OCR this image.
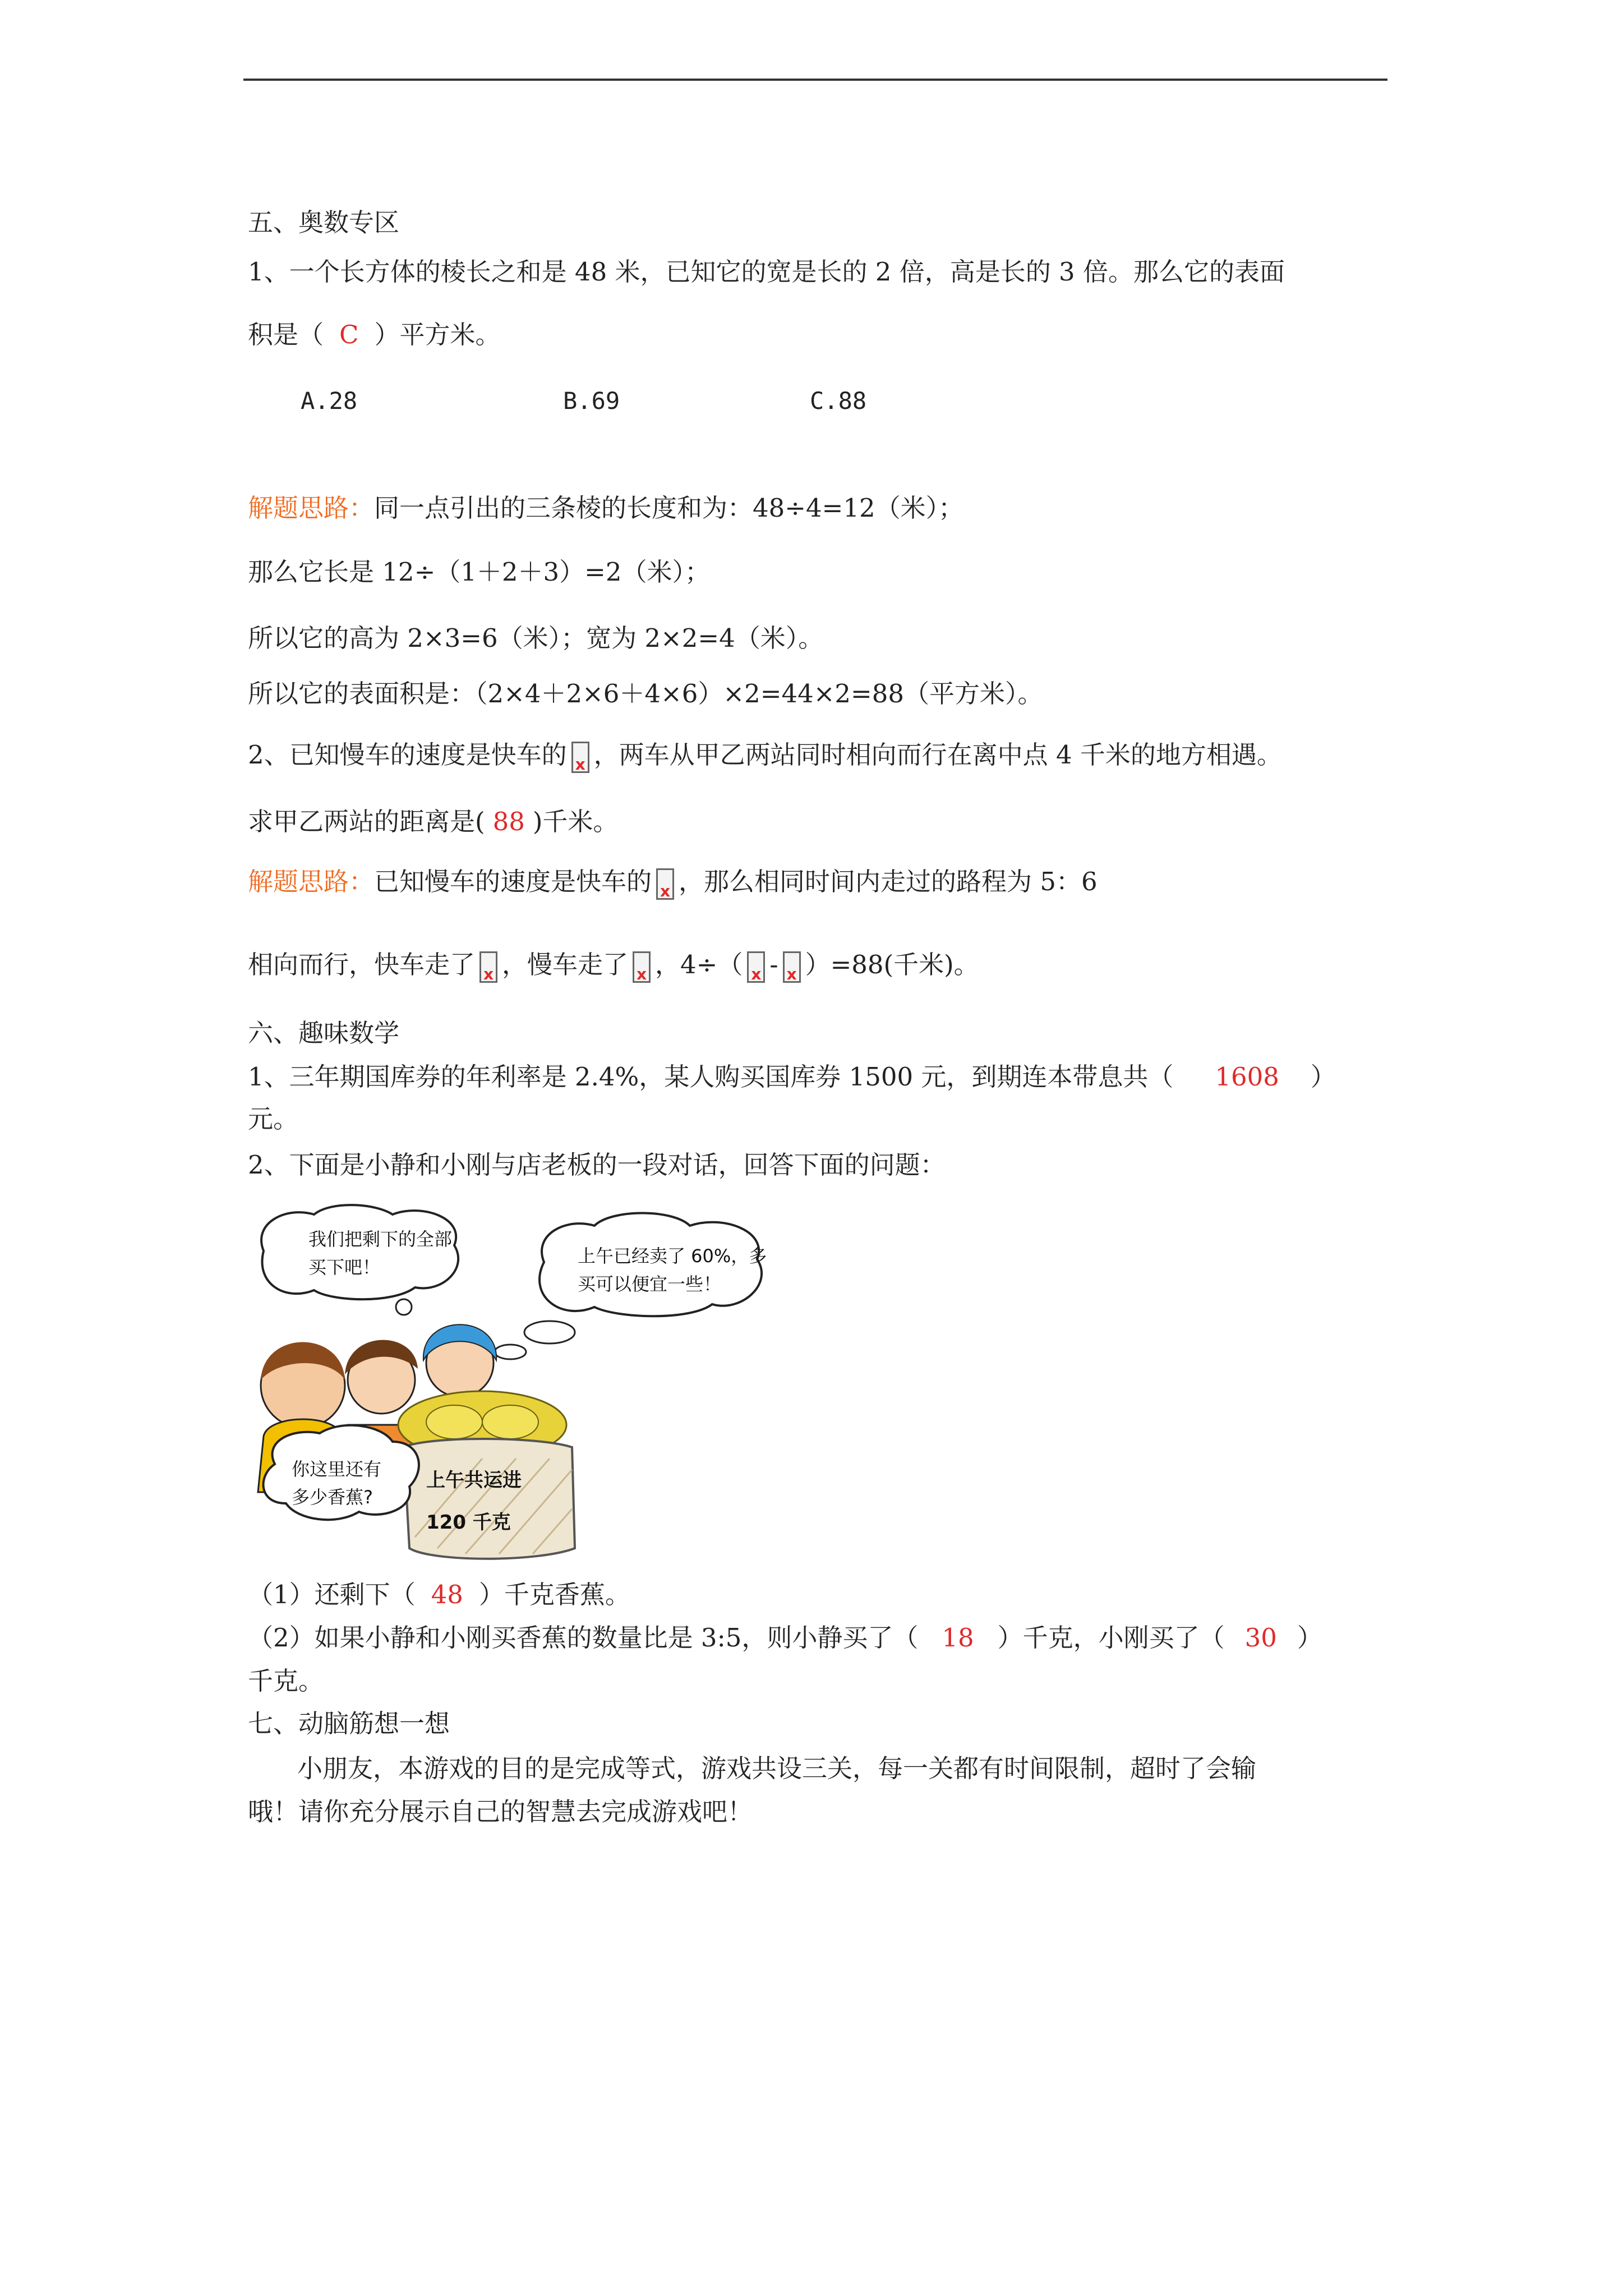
五、奥数专区
1、一个长方体的棱长之和是 48 米，已知它的宽是长的 2 倍，高是长的 3 倍。那么它的表面
积是（ C ）平方米。
A.28	B.69	C.88
解题思路：同一点引出的三条棱的长度和为：48÷4=12（米）；
那么它长是 12÷（1＋2＋3）=2（米）；
所以它的高为 2×3=6（米）；宽为 2×2=4（米）。
所以它的表面积是：（2×4＋2×6＋4×6）×2=44×2=88（平方米）。
2、已知慢车的速度是快车的 x ，两车从甲乙两站同时相向而行在离中点 4 千米的地方相遇。
求甲乙两站的距离是( 88 )千米。
解题思路：已知慢车的速度是快车的 x ，那么相同时间内走过的路程为 5：6
相向而行，快车走了 x ，慢车走了 x ，4÷（ x - x ）=88(千米)。
六、趣味数学
1、三年期国库券的年利率是 2.4%，某人购买国库券 1500 元，到期连本带息共（ 1608 ）
元。
2、下面是小静和小刚与店老板的一段对话，回答下面的问题：
我们把剩下的全部
买下吧！
上午已经卖了 60%，多
买可以便宜一些！
上午共运进
120 千克
你这里还有
多少香蕉?
（1）还剩下（ 48 ）千克香蕉。
（2）如果小静和小刚买香蕉的数量比是 3:5，则小静买了（ 18 ）千克，小刚买了（ 30 ）
千克。
七、动脑筋想一想
小朋友，本游戏的目的是完成等式，游戏共设三关，每一关都有时间限制，超时了会输
哦！请你充分展示自己的智慧去完成游戏吧！
